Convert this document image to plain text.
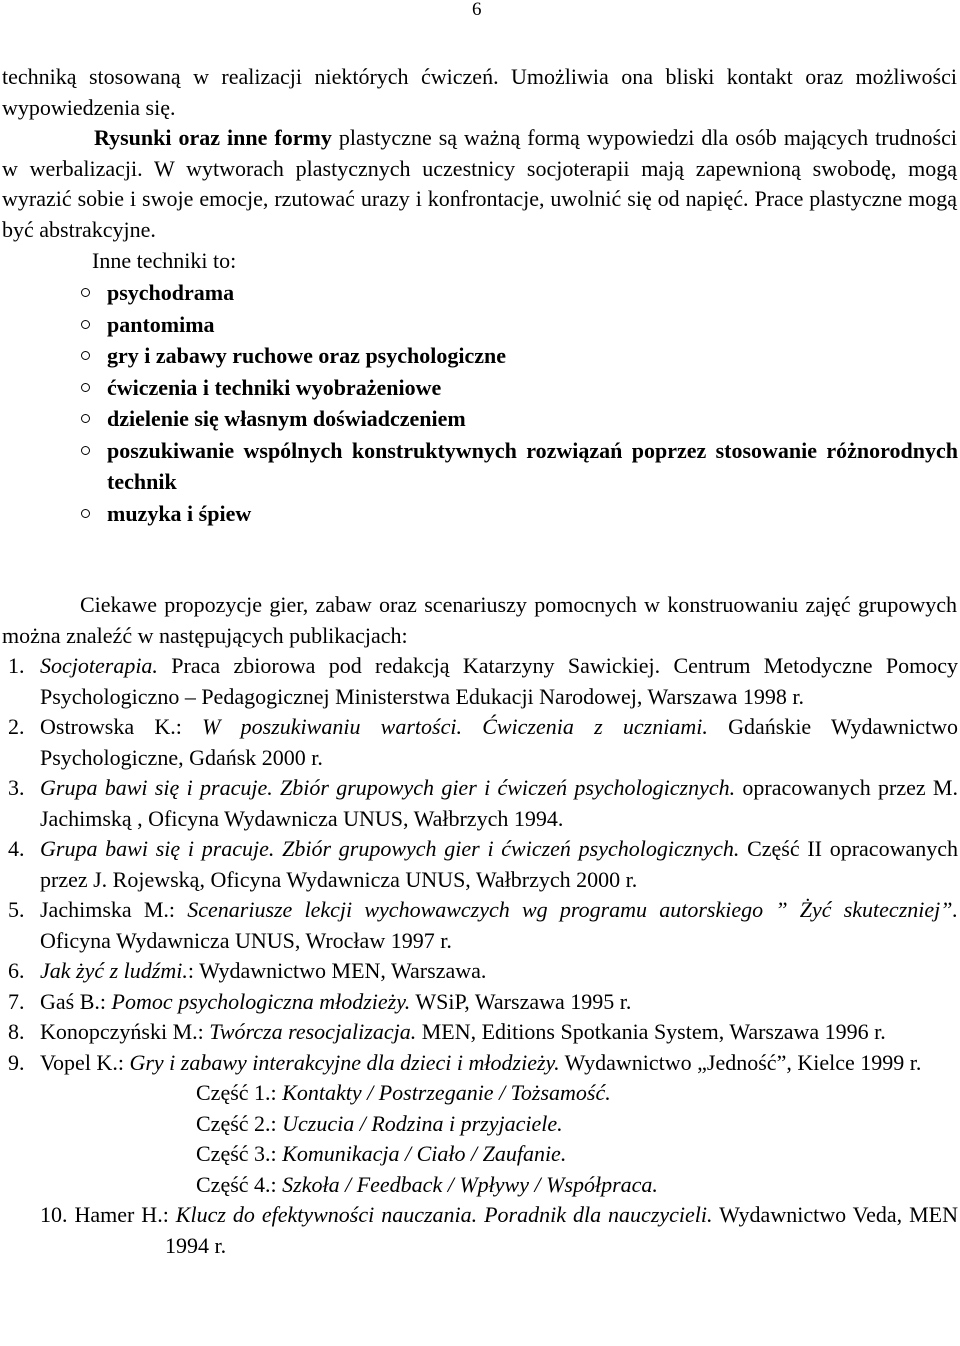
6

techniką stosowaną w realizacji niektórych ćwiczeń. Umożliwia ona bliski kontakt oraz możliwości wypowiedzenia się.

Rysunki oraz inne formy plastyczne są ważną formą wypowiedzi dla osób mających trudności w werbalizacji. W wytworach plastycznych uczestnicy socjoterapii mają zapewnioną swobodę, mogą wyrazić sobie i swoje emocje, rzutować urazy i konfrontacje, uwolnić się od napięć. Prace plastyczne mogą być abstrakcyjne.

Inne techniki to:
psychodrama
pantomima
gry i zabawy ruchowe oraz psychologiczne
ćwiczenia i techniki wyobrażeniowe
dzielenie się własnym doświadczeniem
poszukiwanie wspólnych konstruktywnych rozwiązań poprzez stosowanie różnorodnych technik
muzyka i śpiew

Ciekawe propozycje gier, zabaw oraz scenariuszy pomocnych w konstruowaniu zajęć grupowych można znaleźć w następujących publikacjach:

1. Socjoterapia. Praca zbiorowa pod redakcją Katarzyny Sawickiej. Centrum Metodyczne Pomocy Psychologiczno – Pedagogicznej Ministerstwa Edukacji Narodowej, Warszawa 1998 r.
2. Ostrowska K.: W poszukiwaniu wartości. Ćwiczenia z uczniami. Gdańskie Wydawnictwo Psychologiczne, Gdańsk 2000 r.
3. Grupa bawi się i pracuje. Zbiór grupowych gier i ćwiczeń psychologicznych. opracowanych przez M. Jachimską , Oficyna Wydawnicza UNUS, Wałbrzych 1994.
4. Grupa bawi się i pracuje. Zbiór grupowych gier i ćwiczeń psychologicznych. Część II opracowanych przez J. Rojewską, Oficyna Wydawnicza UNUS, Wałbrzych 2000 r.
5. Jachimska M.: Scenariusze lekcji wychowawczych wg programu autorskiego ” Żyć skuteczniej”. Oficyna Wydawnicza UNUS, Wrocław 1997 r.
6. Jak żyć z ludźmi.: Wydawnictwo MEN, Warszawa.
7. Gaś B.: Pomoc psychologiczna młodzieży. WSiP, Warszawa 1995 r.
8. Konopczyński M.: Twórcza resocjalizacja. MEN, Editions Spotkania System, Warszawa 1996 r.
9. Vopel K.: Gry i zabawy interakcyjne dla dzieci i młodzieży. Wydawnictwo „Jedność”, Kielce 1999 r.
Część 1.: Kontakty / Postrzeganie / Tożsamość.
Część 2.: Uczucia / Rodzina i przyjaciele.
Część 3.: Komunikacja / Ciało / Zaufanie.
Część 4.: Szkoła / Feedback / Wpływy / Współpraca.
10. Hamer H.: Klucz do efektywności nauczania. Poradnik dla nauczycieli. Wydawnictwo Veda, MEN 1994 r.
